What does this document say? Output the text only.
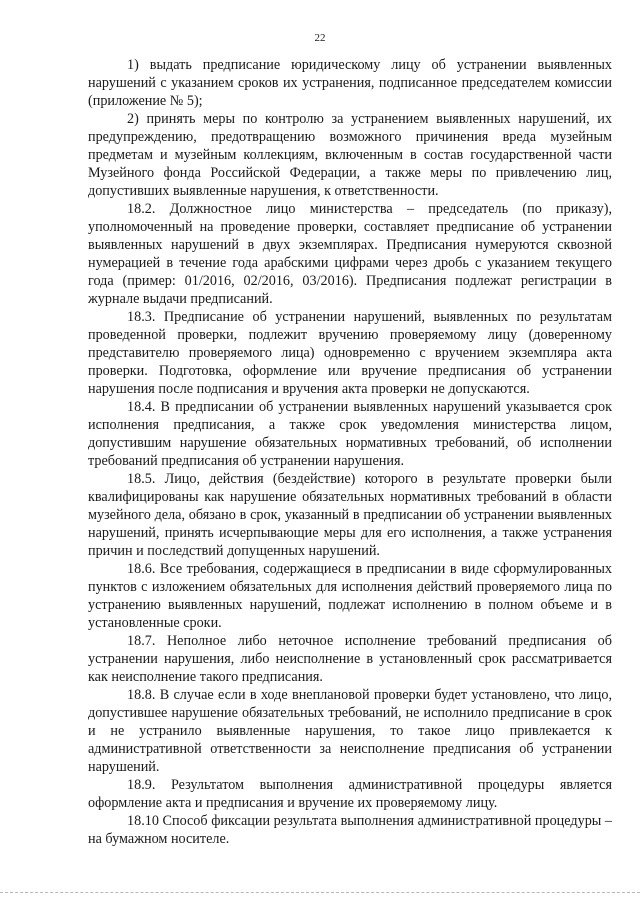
22

1) выдать предписание юридическому лицу об устранении выявленных нарушений с указанием сроков их устранения, подписанное председателем комиссии (приложение № 5);

2) принять меры по контролю за устранением выявленных нарушений, их предупреждению, предотвращению возможного причинения вреда музейным предметам и музейным коллекциям, включенным в состав государственной части Музейного фонда Российской Федерации, а также меры по привлечению лиц, допустивших выявленные нарушения, к ответственности.

18.2. Должностное лицо министерства – председатель (по приказу), уполномоченный на проведение проверки, составляет предписание об устранении выявленных нарушений в двух экземплярах. Предписания нумеруются сквозной нумерацией в течение года арабскими цифрами через дробь с указанием текущего года (пример: 01/2016, 02/2016, 03/2016). Предписания подлежат регистрации в журнале выдачи предписаний.

18.3. Предписание об устранении нарушений, выявленных по результатам проведенной проверки, подлежит вручению проверяемому лицу (доверенному представителю проверяемого лица) одновременно с вручением экземпляра акта проверки. Подготовка, оформление или вручение предписания об устранении нарушения после подписания и вручения акта проверки не допускаются.

18.4. В предписании об устранении выявленных нарушений указывается срок исполнения предписания, а также срок уведомления министерства лицом, допустившим нарушение обязательных нормативных требований, об исполнении требований предписания об устранении нарушения.

18.5. Лицо, действия (бездействие) которого в результате проверки были квалифицированы как нарушение обязательных нормативных требований в области музейного дела, обязано в срок, указанный в предписании об устранении выявленных нарушений, принять исчерпывающие меры для его исполнения, а также устранения причин и последствий допущенных нарушений.

18.6. Все требования, содержащиеся в предписании в виде сформулированных пунктов с изложением обязательных для исполнения действий проверяемого лица по устранению выявленных нарушений, подлежат исполнению в полном объеме и в установленные сроки.

18.7. Неполное либо неточное исполнение требований предписания об устранении нарушения, либо неисполнение в установленный срок рассматривается как неисполнение такого предписания.

18.8. В случае если в ходе внеплановой проверки будет установлено, что лицо, допустившее нарушение обязательных требований, не исполнило предписание в срок и не устранило выявленные нарушения, то такое лицо привлекается к административной ответственности за неисполнение предписания об устранении нарушений.

18.9. Результатом выполнения административной процедуры является оформление акта и предписания и вручение их проверяемому лицу.

18.10 Способ фиксации результата выполнения административной процедуры – на бумажном носителе.
